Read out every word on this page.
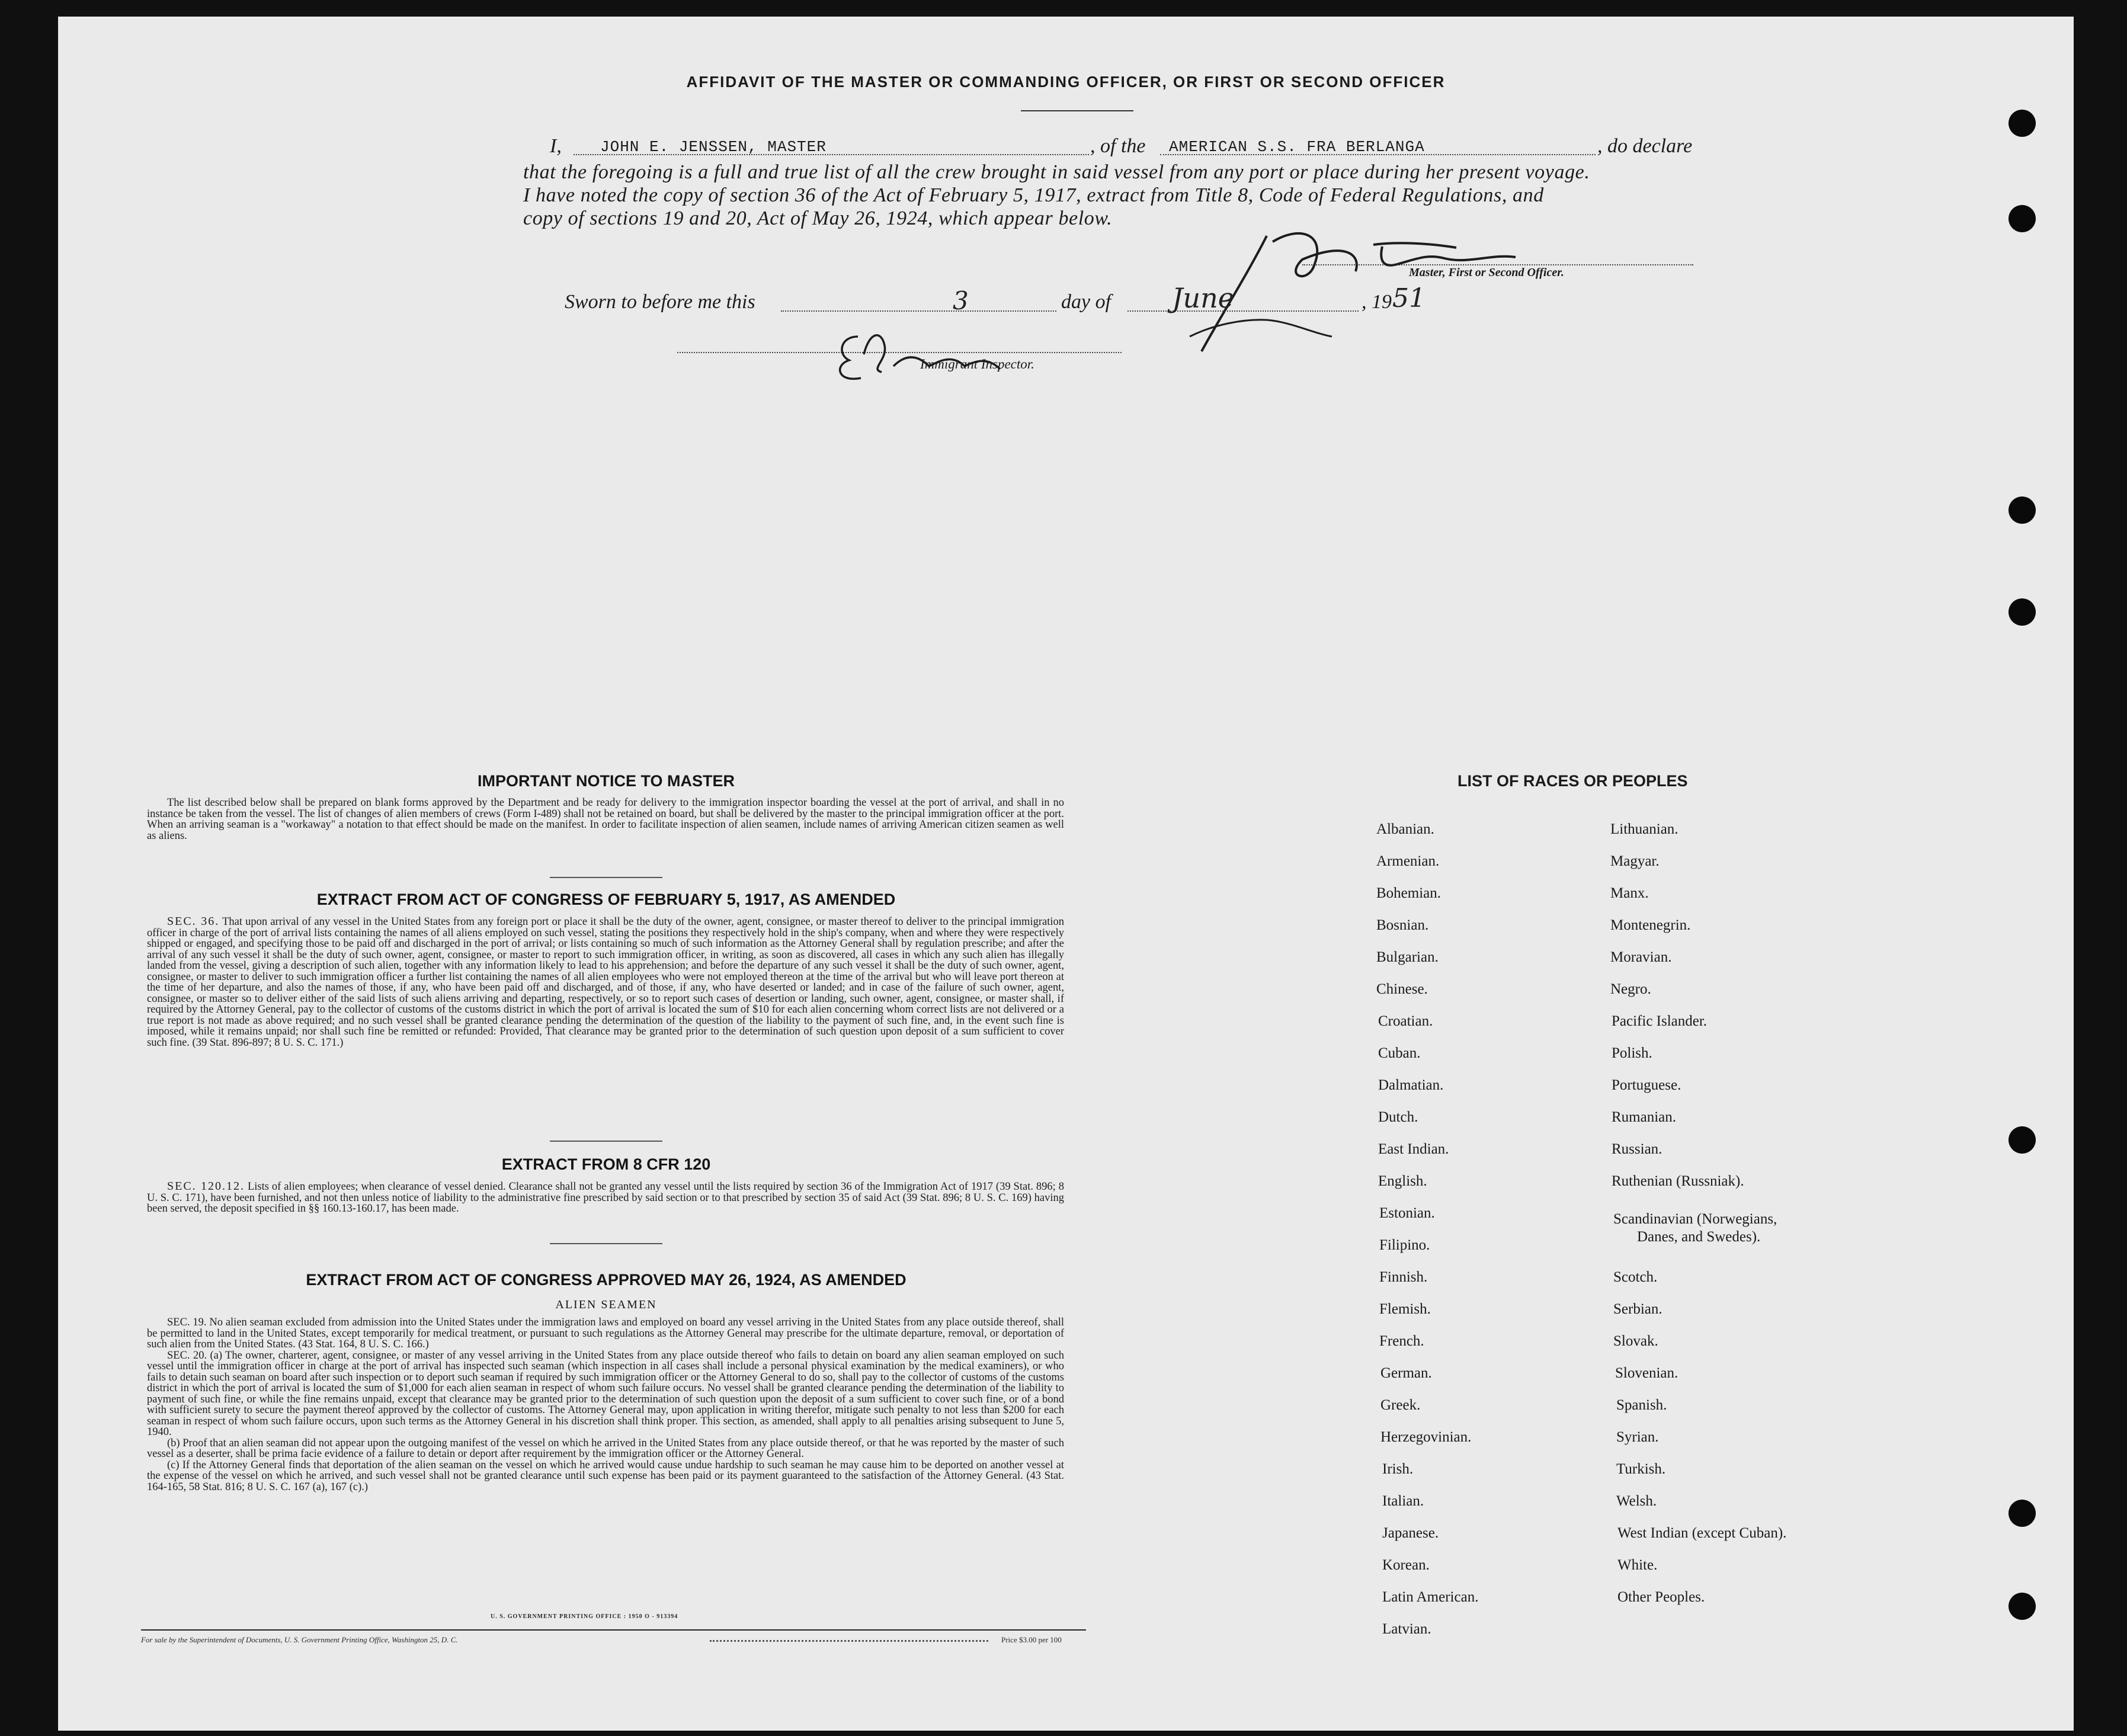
AFFIDAVIT OF THE MASTER OR COMMANDING OFFICER, OR FIRST OR SECOND OFFICER
I,	JOHN E. JENSSEN, MASTER	, of the AMERICAN S.S. FRA BERLANGA	, do declare
that the foregoing is a full and true list of all the crew brought in said vessel from any port or place during her present voyage.
I have noted the copy of section 36 of the Act of February 5, 1917, extract from Title 8, Code of Federal Regulations, and
copy of sections 19 and 20, Act of May 26, 1924, which appear below.
Master, First or Second Officer.
Sworn to before me this	3	day of June	, 19 51
Immigrant Inspector.
IMPORTANT NOTICE TO MASTER

The list described below shall be prepared on blank forms approved by the Department and be ready for delivery to the immigration inspector boarding the vessel at the port of arrival, and shall in no instance be taken from the vessel. The list of changes of alien members of crews (Form I-489) shall not be retained on board, but shall be delivered by the master to the principal immigration officer at the port. When an arriving seaman is a "workaway" a notation to that effect should be made on the manifest. In order to facilitate inspection of alien seamen, include names of arriving American citizen seamen as well as aliens.

EXTRACT FROM ACT OF CONGRESS OF FEBRUARY 5, 1917, AS AMENDED

SEC. 36. That upon arrival of any vessel in the United States from any foreign port or place it shall be the duty of the owner, agent, consignee, or master thereof to deliver to the principal immigration officer in charge of the port of arrival lists containing the names of all aliens employed on such vessel, stating the positions they respectively hold in the ship's company, when and where they were respectively shipped or engaged, and specifying those to be paid off and discharged in the port of arrival; or lists containing so much of such information as the Attorney General shall by regulation prescribe; and after the arrival of any such vessel it shall be the duty of such owner, agent, consignee, or master to report to such immigration officer, in writing, as soon as discovered, all cases in which any such alien has illegally landed from the vessel, giving a description of such alien, together with any information likely to lead to his apprehension; and before the departure of any such vessel it shall be the duty of such owner, agent, consignee, or master to deliver to such immigration officer a further list containing the names of all alien employees who were not employed thereon at the time of the arrival but who will leave port thereon at the time of her departure, and also the names of those, if any, who have been paid off and discharged, and of those, if any, who have deserted or landed; and in case of the failure of such owner, agent, consignee, or master so to deliver either of the said lists of such aliens arriving and departing, respectively, or so to report such cases of desertion or landing, such owner, agent, consignee, or master shall, if required by the Attorney General, pay to the collector of customs of the customs district in which the port of arrival is located the sum of $10 for each alien concerning whom correct lists are not delivered or a true report is not made as above required; and no such vessel shall be granted clearance pending the determination of the question of the liability to the payment of such fine, and, in the event such fine is imposed, while it remains unpaid; nor shall such fine be remitted or refunded: Provided, That clearance may be granted prior to the determination of such question upon deposit of a sum sufficient to cover such fine. (39 Stat. 896-897; 8 U. S. C. 171.)

EXTRACT FROM 8 CFR 120

SEC. 120.12. Lists of alien employees; when clearance of vessel denied. Clearance shall not be granted any vessel until the lists required by section 36 of the Immigration Act of 1917 (39 Stat. 896; 8 U. S. C. 171), have been furnished, and not then unless notice of liability to the administrative fine prescribed by said section or to that prescribed by section 35 of said Act (39 Stat. 896; 8 U. S. C. 169) having been served, the deposit specified in §§ 160.13-160.17, has been made.

EXTRACT FROM ACT OF CONGRESS APPROVED MAY 26, 1924, AS AMENDED
ALIEN SEAMEN

SEC. 19. No alien seaman excluded from admission into the United States under the immigration laws and employed on board any vessel arriving in the United States from any place outside thereof, shall be permitted to land in the United States, except temporarily for medical treatment, or pursuant to such regulations as the Attorney General may prescribe for the ultimate departure, removal, or deportation of such alien from the United States. (43 Stat. 164, 8 U. S. C. 166.)

SEC. 20. (a) The owner, charterer, agent, consignee, or master of any vessel arriving in the United States from any place outside thereof who fails to detain on board any alien seaman employed on such vessel until the immigration officer in charge at the port of arrival has inspected such seaman (which inspection in all cases shall include a personal physical examination by the medical examiners), or who fails to detain such seaman on board after such inspection or to deport such seaman if required by such immigration officer or the Attorney General to do so, shall pay to the collector of customs of the customs district in which the port of arrival is located the sum of $1,000 for each alien seaman in respect of whom such failure occurs. No vessel shall be granted clearance pending the determination of the liability to payment of such fine, or while the fine remains unpaid, except that clearance may be granted prior to the determination of such question upon the deposit of a sum sufficient to cover such fine, or of a bond with sufficient surety to secure the payment thereof approved by the collector of customs. The Attorney General may, upon application in writing therefor, mitigate such penalty to not less than $200 for each seaman in respect of whom such failure occurs, upon such terms as the Attorney General in his discretion shall think proper. This section, as amended, shall apply to all penalties arising subsequent to June 5, 1940.

(b) Proof that an alien seaman did not appear upon the outgoing manifest of the vessel on which he arrived in the United States from any place outside thereof, or that he was reported by the master of such vessel as a deserter, shall be prima facie evidence of a failure to detain or deport after requirement by the immigration officer or the Attorney General.

(c) If the Attorney General finds that deportation of the alien seaman on the vessel on which he arrived would cause undue hardship to such seaman he may cause him to be deported on another vessel at the expense of the vessel on which he arrived, and such vessel shall not be granted clearance until such expense has been paid or its payment guaranteed to the satisfaction of the Attorney General. (43 Stat. 164-165, 58 Stat. 816; 8 U. S. C. 167 (a), 167 (c).)

U. S. GOVERNMENT PRINTING OFFICE : 1950 O - 913394
For sale by the Superintendent of Documents, U. S. Government Printing Office, Washington 25, D. C.	Price $3.00 per 100
LIST OF RACES OR PEOPLES
Albanian.
Armenian.
Bohemian.
Bosnian.
Bulgarian.
Chinese.
Croatian.
Cuban.
Dalmatian.
Dutch.
East Indian.
English.
Estonian.
Filipino.
Finnish.
Flemish.
French.
German.
Greek.
Herzegovinian.
Irish.
Italian.
Japanese.
Korean.
Latin American.
Latvian.
Lithuanian.
Magyar.
Manx.
Montenegrin.
Moravian.
Negro.
Pacific Islander.
Polish.
Portuguese.
Rumanian.
Russian.
Ruthenian (Russniak).
Scandinavian (Norwegians,
Danes, and Swedes).
Scotch.
Serbian.
Slovak.
Slovenian.
Spanish.
Syrian.
Turkish.
Welsh.
West Indian (except Cuban).
White.
Other Peoples.
